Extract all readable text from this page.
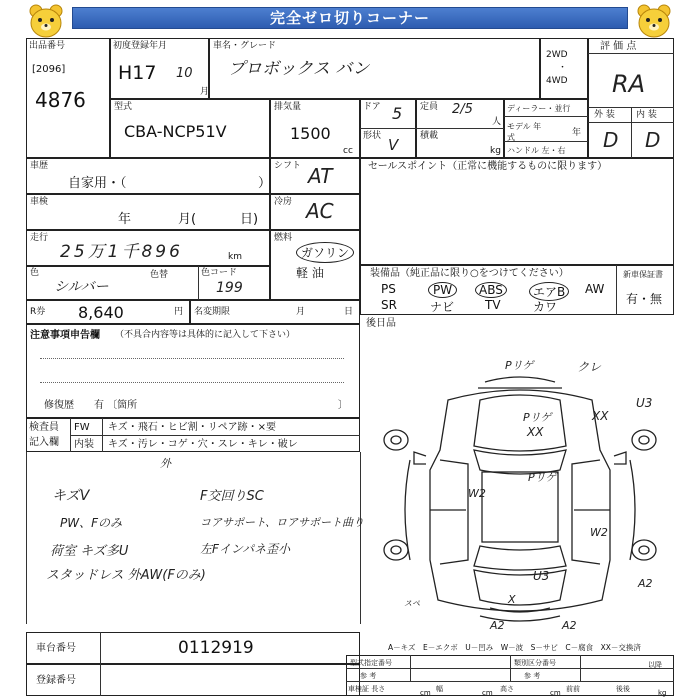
完全ゼロ切りコーナー
出品番号
[2096]
4876
初度登録年月
H17 10
月
車名・グレード
プロボックス バン
2WD
・
4WD
評 価 点
RA
外 装 内 装
D D
型式
CBA-NCP51V
排気量
1500
cc
ドア 5
形状 V
定員 2/5
人
積載
kg
ディーラー・並行
モデル 年式	年
ハンドル 左・右
車歴
自家用・（	）
シフト AT	セールスポイント（正常に機能するものに限ります）
車検
年	月(	日)
冷房 AC
走行
25万1千896	km
燃料
ガソリン
軽 油
色
シルバー
色替	色コード
199
装備品（純正品に限り○をつけてください）	新車保証書
有・無
PS	PW	ABS	エアB	AW
SR	ナビ	TV	カワ
後日品
R券 8,640	円 名変期限	月	日
注意事項申告欄 （不具合内容等は具体的に記入して下さい）
修復歴　　有 〔箇所	〕
検査員
記入欄
FW キズ・飛石・ヒビ割・リペア跡・×要
内装 キズ・汚レ・コゲ・穴・スレ・キレ・破レ
外
キズV	F交回りSC
PW、Fのみ	コアサポート、ロアサポート曲り
荷室 キズ多U	左Fインパネ歪小
スタッドレス 外AW(Fのみ)
Pリゲ	クレ
Pリゲ
XX
XX
U3
Pリゲ
W2
W2
U3
A2
A2	A2
X
スペ
A－キズ　E－エクボ　U－凹み　W－波　S－サビ　C－腐食　XX－交換済
車台番号	0112919
登録番号
型式指定番号	類別区分番号
参 考	参 考
車検証 長さ	cm 幅	cm 高さ	cm 前前	後後
以降
kg
